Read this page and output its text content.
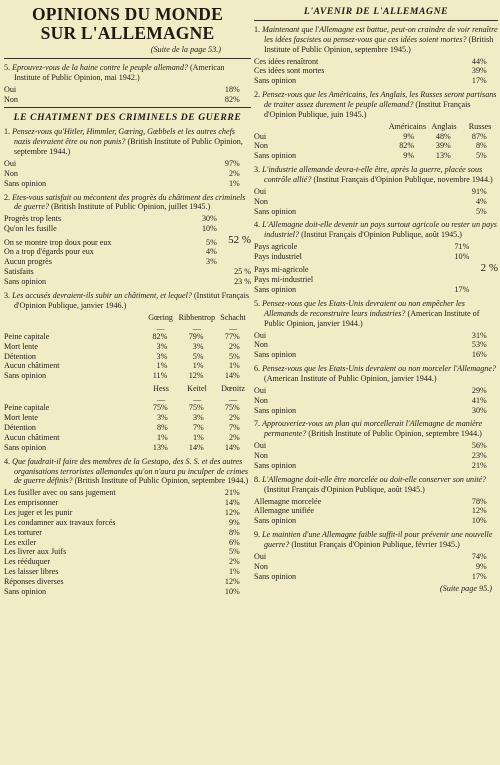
OPINIONS DU MONDE
SUR L'ALLEMAGNE
(Suite de la page 53.)
5. Eprouvez-vous de la haine contre le peuple allemand? (American Institute of Public Opinion, mai 1942.)
Oui	18	%
Non	82	%
LE CHATIMENT DES CRIMINELS DE GUERRE
1. Pensez-vous qu'Hitler, Himmler, Gœring, Gœbbels et les autres chefs nazis devraient être ou non punis? (British Institute of Public Opinion, septembre 1944.)
Oui	97	%
Non	2	%
Sans opinion	1	%
2. Etes-vous satisfait ou mécontent des progrès du châtiment des criminels de guerre? (British Institute of Public Opinion, juillet 1945.)
Progrès trop lents	30	%	
Qu'on les fusille	10	%	
On se montre trop doux pour eux	5	%	52 %
On a trop d'égards pour eux	4	%	
Aucun progrès	3	%	
Satisfaits			25 %
Sans opinion			23 %
3. Les accusés devraient-ils subir un châtiment, et lequel? (Institut Français d'Opinion Publique, janvier 1946.)
	Gœring		Ribbentrop		Schacht	
	—		—		—	
Peine capitale	82	%	79	%	77	%
Mort lente	3	%	3	%	2	%
Détention	3	%	5	%	5	%
Aucun châtiment	1	%	1	%	1	%
Sans opinion	11	%	12	%	14	%
	Hess		Keitel		Dœnitz	
	—		—		—	
Peine capitale	75	%	75	%	75	%
Mort lente	3	%	3	%	2	%
Détention	8	%	7	%	7	%
Aucun châtiment	1	%	1	%	2	%
Sans opinion	13	%	14	%	14	%
4. Que faudrait-il faire des membres de la Gestapo, des S. S. et des autres organisations terroristes allemandes qu'on n'aura pu inculper de crimes de guerre définis? (British Institute of Public Opinion, septembre 1944.)
Les fusiller avec ou sans jugement	21	%
Les emprisonner	14	%
Les juger et les punir	12	%
Les condamner aux travaux forcés	9	%
Les torturer	8	%
Les exiler	6	%
Les livrer aux Juifs	5	%
Les rééduquer	2	%
Les laisser libres	1	%
Réponses diverses	12	%
Sans opinion	10	%
L'AVENIR DE L'ALLEMAGNE
1. Maintenant que l'Allemagne est battue, peut-on craindre de voir renaître les idées fascistes ou pensez-vous que ces idées soient mortes? (British Institute of Public Opinion, septembre 1945.)
Ces idées renaîtront	44	%
Ces idées sont mortes	39	%
Sans opinion	17	%
2. Pensez-vous que les Américains, les Anglais, les Russes seront partisans de traiter assez durement le peuple allemand? (Institut Français d'Opinion Publique, juin 1945.)
	Américains		Anglais		Russes	
Oui	9	%	48	%	87	%
Non	82	%	39	%	8	%
Sans opinion	9	%	13	%	5	%
3. L'industrie allemande devra-t-elle être, après la guerre, placée sous contrôle allié? (Institut Français d'Opinion Publique, novembre 1944.)
Oui	91	%
Non	4	%
Sans opinion	5	%
4. L'Allemagne doit-elle devenir un pays surtout agricole ou rester un pays industriel? (Institut Français d'Opinion Publique, août 1945.)
Pays agricole	71	%	
Pays industriel	10	%	
Pays mi-agricole			2 %
Pays mi-industriel			
Sans opinion	17	%	
5. Pensez-vous que les Etats-Unis devraient ou non empêcher les Allemands de reconstruire leurs industries? (American Institute of Public Opinion, janvier 1944.)
Oui	31	%
Non	53	%
Sans opinion	16	%
6. Pensez-vous que les Etats-Unis devraient ou non morceler l'Allemagne? (American Institute of Public Opinion, janvier 1944.)
Oui	29	%
Non	41	%
Sans opinion	30	%
7. Approuveriez-vous un plan qui morcellerait l'Allemagne de manière permanente? (British Institute of Public Opinion, septembre 1944.)
Oui	56	%
Non	23	%
Sans opinion	21	%
8. L'Allemagne doit-elle être morcelée ou doit-elle conserver son unité? (Institut Français d'Opinion Publique, août 1945.)
Allemagne morcelée	78	%
Allemagne unifiée	12	%
Sans opinion	10	%
9. Le maintien d'une Allemagne faible suffit-il pour prévenir une nouvelle guerre? (Institut Français d'Opinion Publique, février 1945.)
Oui	74	%
Non	9	%
Sans opinion	17	%
(Suite page 95.)
